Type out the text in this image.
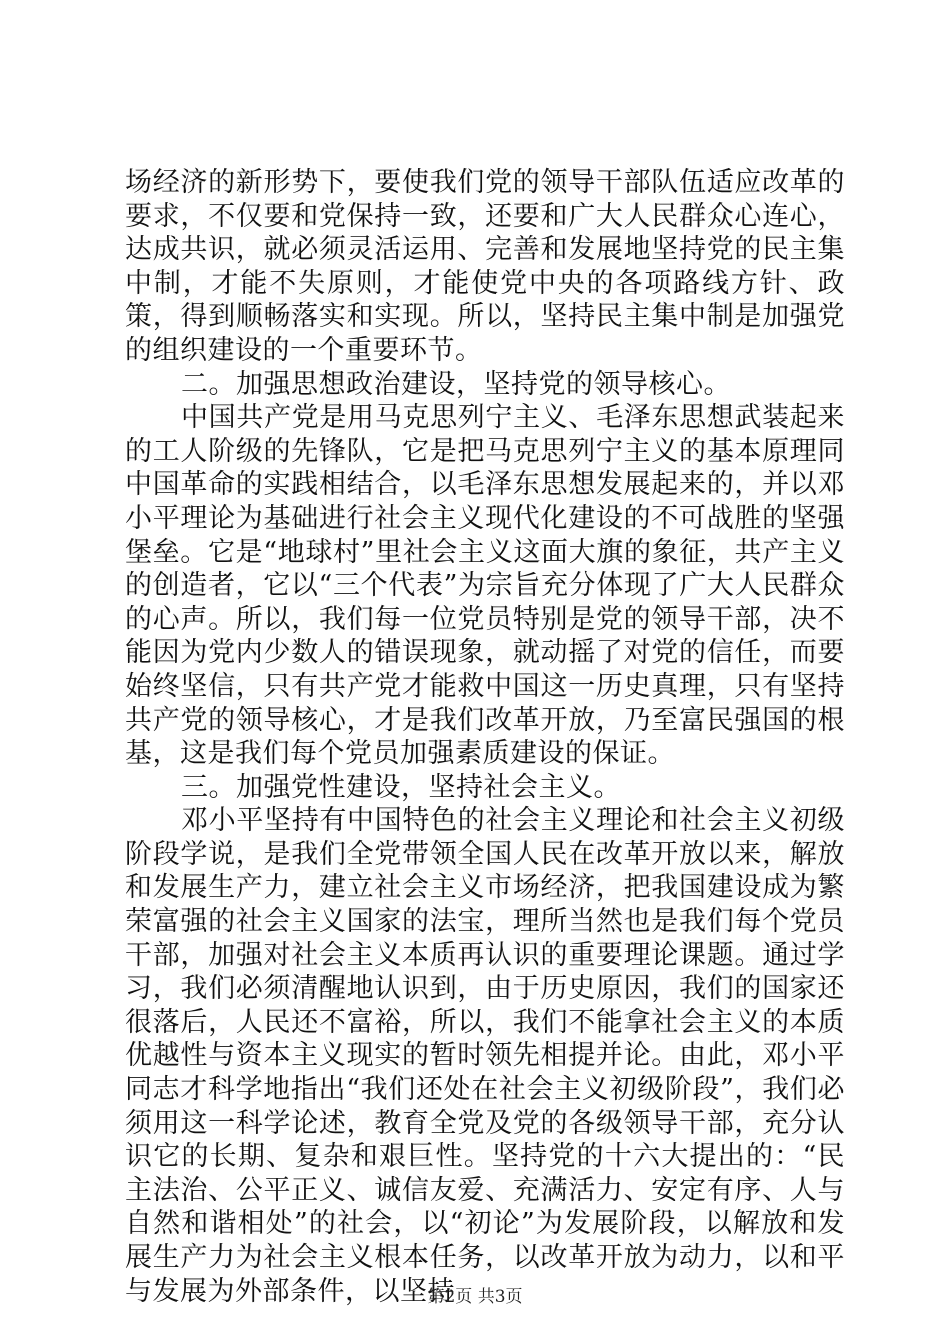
场经济的新形势下，要使我们党的领导干部队伍适应改革的要求，不仅要和党保持一致，还要和广大人民群众心连心，达成共识，就必须灵活运用、完善和发展地坚持党的民主集中制，才能不失原则，才能使党中央的各项路线方针、政策，得到顺畅落实和实现。所以，坚持民主集中制是加强党的组织建设的一个重要环节。

二。加强思想政治建设，坚持党的领导核心。

中国共产党是用马克思列宁主义、毛泽东思想武装起来的工人阶级的先锋队，它是把马克思列宁主义的基本原理同中国革命的实践相结合，以毛泽东思想发展起来的，并以邓小平理论为基础进行社会主义现代化建设的不可战胜的坚强堡垒。它是“地球村”里社会主义这面大旗的象征，共产主义的创造者，它以“三个代表”为宗旨充分体现了广大人民群众的心声。所以，我们每一位党员特别是党的领导干部，决不能因为党内少数人的错误现象，就动摇了对党的信任，而要始终坚信，只有共产党才能救中国这一历史真理，只有坚持共产党的领导核心，才是我们改革开放，乃至富民强国的根基，这是我们每个党员加强素质建设的保证。

三。加强党性建设，坚持社会主义。

邓小平坚持有中国特色的社会主义理论和社会主义初级阶段学说，是我们全党带领全国人民在改革开放以来，解放和发展生产力，建立社会主义市场经济，把我国建设成为繁荣富强的社会主义国家的法宝，理所当然也是我们每个党员干部，加强对社会主义本质再认识的重要理论课题。通过学习，我们必须清醒地认识到，由于历史原因，我们的国家还很落后，人民还不富裕，所以，我们不能拿社会主义的本质优越性与资本主义现实的暂时领先相提并论。由此，邓小平同志才科学地指出“我们还处在社会主义初级阶段”，我们必须用这一科学论述，教育全党及党的各级领导干部，充分认识它的长期、复杂和艰巨性。坚持党的十六大提出的：“民主法治、公平正义、诚信友爱、充满活力、安定有序、人与自然和谐相处”的社会，以“初论”为发展阶段，以解放和发展生产力为社会主义根本任务，以改革开放为动力，以和平与发展为外部条件，以坚持

第2页 共3页
